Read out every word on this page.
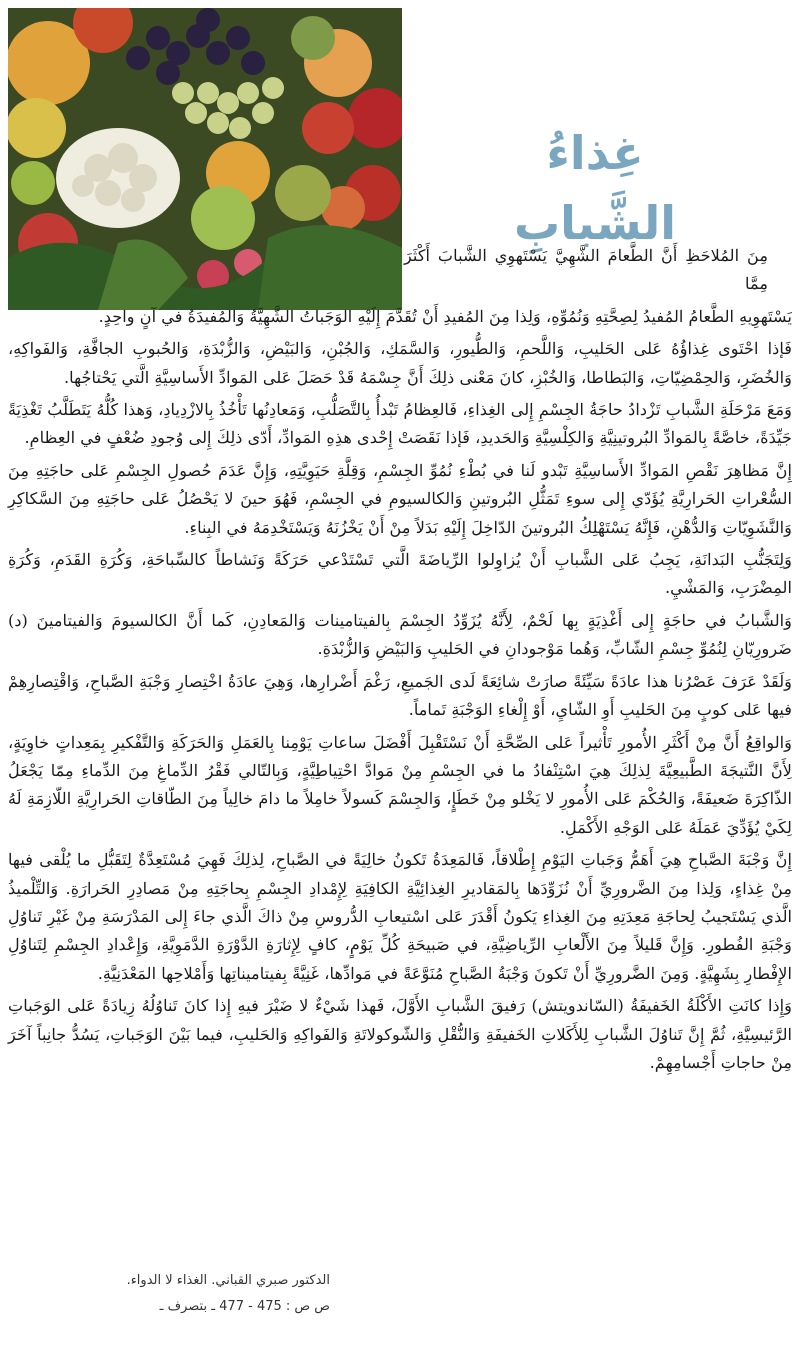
غِذاءُ الشَّبابِ

مِنَ المُلاحَظِ أَنَّ الطَّعامَ الشَّهِيَّ يَسْتَهوِي الشَّبابَ أَكْثَرَ مِمَّا

يَسْتَهوِيهِ الطَّعامُ المُفيدُ لِصِحَّتِهِ وَنُمُوِّهِ، وَلِذا مِنَ المُفيدِ أَنْ تُقَدَّمَ إِلَيْهِ الوَجَباتُ الشَّهِيَّةُ وَالمُفيدَةُ في آنٍ واحِدٍ.

فَإذا احْتَوى غِذاؤُهُ عَلى الحَليبِ، وَاللَّحمِ، وَالطُّيورِ، وَالسَّمَكِ، وَالجُبْنِ، وَالبَيْضِ، وَالزُّبْدَةِ، وَالحُبوبِ الجافَّةِ، وَالفَواكِهِ، وَالخُضَرِ، وَالحِمْضِيّاتِ، وَالبَطاطا، وَالخُبْزِ، كانَ مَعْنى ذلِكَ أَنَّ جِسْمَهُ قَدْ حَصَلَ عَلى المَوادِّ الأَساسِيَّةِ الَّتي يَحْتاجُها.

وَمَعَ مَرْحَلَةِ الشَّبابِ تَزْدادُ حاجَةُ الجِسْمِ إِلى الغِذاءِ، فَالعِظامُ تَبْدأُ بِالتَّصَلُّبِ، وَمَعادِنُها تَأْخُذُ بِالازْدِيادِ، وَهذا كُلُّهُ يَتَطَلَّبُ تَغْذِيَةً جَيِّدَةً، خاصَّةً بِالمَوادِّ البُروتينِيَّةِ وَالكِلْسِيَّةِ وَالحَديدِ، فَإذا نَقَصَتْ إِحْدى هذِهِ المَوادِّ، أَدّى ذلِكَ إِلى وُجودِ ضُعْفٍ في العِظامِ.

إِنَّ مَظاهِرَ نَقْصِ المَوادِّ الأَساسِيَّةِ تَبْدو لَنا في بُطْءِ نُمُوِّ الجِسْمِ، وَقِلَّةِ حَيَوِيَّتِهِ، وَإِنَّ عَدَمَ حُصولِ الجِسْمِ عَلى حاجَتِهِ مِنَ السُّعْراتِ الحَرارِيَّةِ يُؤَدّي إِلى سوءِ تَمَثُّلِ البُروتينِ وَالكالسيومِ في الجِسْمِ، فَهُوَ حينَ لا يَحْصُلُ عَلى حاجَتِهِ مِنَ السَّكاكِرِ وَالنَّشَوِيّاتِ وَالدُّهْنِ، فَإِنَّهُ يَسْتَهْلِكُ البُروتينَ الدّاخِلَ إِلَيْهِ بَدَلاً مِنْ أَنْ يَخْزُنَهُ وَيَسْتَخْدِمَهُ في البِناءِ.

وَلِتَجَنُّبِ البَدانَةِ، يَجِبُ عَلى الشَّبابِ أَنْ يُزاوِلوا الرِّياضَةَ الَّتي تَسْتَدْعي حَرَكَةً وَنَشاطاً كالسِّباحَةِ، وَكُرَةِ القَدَمِ، وَكُرَةِ المِضْرَبِ، وَالمَشْيِ.

وَالشَّبابُ في حاجَةٍ إِلى أَغْذِيَةٍ بِها لَحْمٌ، لِأَنَّهُ يُزَوِّدُ الجِسْمَ بِالفيتامينات وَالمَعادِنِ، كَما أَنَّ الكالسيومَ وَالفيتامينَ (د) ضَرورِيّانِ لِنُمُوِّ جِسْمِ الشّابِّ، وَهُما مَوْجودانِ في الحَليبِ وَالبَيْضِ وَالزُّبْدَةِ.

وَلَقَدْ عَرَفَ عَصْرُنا هذا عادَةً سَيِّئَةً صارَتْ شائِعَةً لَدى الجَميعِ، رَغْمَ أَضْرارِها، وَهِيَ عادَةُ اخْتِصارِ وَجْبَةِ الصَّباحِ، وَاقْتِصارِهِمْ فيها عَلى كوبٍ مِنَ الحَليبِ أَوِ الشّايِ، أَوْ إِلْغاءِ الوَجْبَةِ تَماماً.

وَالواقِعُ أَنَّ مِنْ أَكْثَرِ الأُمورِ تَأْثيراً عَلى الصِّحَّةِ أَنْ نَسْتَقْبِلَ أَفْضَلَ ساعاتِ يَوْمِنا بِالعَمَلِ وَالحَرَكَةِ وَالتَّفْكيرِ بِمَعِداتٍ خاوِيَةٍ، لِأَنَّ النَّتيجَةَ الطَّبيعِيَّةَ لِذلِكَ هِيَ اسْتِنْفادُ ما في الجِسْمِ مِنْ مَوادَّ احْتِياطِيَّةٍ، وَبِالتّالي فَقْرُ الدِّماغِ مِنَ الدِّماءِ مِمّا يَجْعَلُ الذّاكِرَةَ ضَعيفَةً، وَالحُكْمَ عَلى الأُمورِ لا يَخْلو مِنْ خَطَإٍ، وَالجِسْمَ كَسولاً خامِلاً ما دامَ خالِياً مِنَ الطّاقاتِ الحَرارِيَّةِ اللّازِمَةِ لَهُ لِكَيْ يُؤَدِّيَ عَمَلَهُ عَلى الوَجْهِ الأَكْمَلِ.

إِنَّ وَجْبَةَ الصَّباحِ هِيَ أَهَمُّ وَجَباتِ اليَوْمِ إِطْلاقاً، فَالمَعِدَةُ تَكونُ خالِيَةً في الصَّباحِ، لِذلِكَ فَهِيَ مُسْتَعِدَّةٌ لِتَقَبُّلِ ما يُلْقى فيها مِنْ غِذاءٍ، وَلِذا مِنَ الضَّرورِيِّ أَنْ نُزَوِّدَها بِالمَقاديرِ الغِذائِيَّةِ الكافِيَةِ لِإِمْدادِ الجِسْمِ بِحاجَتِهِ مِنْ مَصادِرِ الحَرارَةِ. وَالتِّلْميذُ الَّذي يَسْتَجيبُ لِحاجَةِ مَعِدَتِهِ مِنَ الغِذاءِ يَكونُ أَقْدَرَ عَلى اسْتيعابِ الدُّروسِ مِنْ ذاكَ الَّذي جاءَ إِلى المَدْرَسَةِ مِنْ غَيْرِ تَناوُلِ وَجْبَةِ الفُطورِ. وَإِنَّ قَليلاً مِنَ الأَلْعابِ الرِّياضِيَّةِ، في صَبيحَةِ كُلِّ يَوْمٍ، كافٍ لِإِثارَةِ الدَّوْرَةِ الدَّمَوِيَّةِ، وَإِعْدادِ الجِسْمِ لِتَناوُلِ الإِفْطارِ بِشَهِيَّةٍ. وَمِنَ الضَّرورِيِّ أَنْ تَكونَ وَجْبَةُ الصَّباحِ مُنَوَّعَةً في مَوادِّها، غَنِيَّةً بِفيتاميناتِها وَأَمْلاحِها المَعْدَنِيَّةِ.

وَإِذا كانَتِ الأَكْلَةُ الخَفيفَةُ (السّاندويتش) رَفيقَ الشَّبابِ الأَوَّلَ، فَهذا شَيْءٌ لا ضَيْرَ فيهِ إِذا كانَ تَناوُلُهُ زِيادَةً عَلى الوَجَباتِ الرَّئيسِيَّةِ، ثُمَّ إِنَّ تَناوُلَ الشَّبابِ لِلأَكَلاتِ الخَفيفَةِ وَالنُّقْلِ وَالشّوكولاتَةِ وَالفَواكِهِ وَالحَليبِ، فيما بَيْنَ الوَجَباتِ، يَسُدُّ جانِباً آخَرَ مِنْ حاجاتِ أَجْسامِهِمْ.

الدكتور صبري القباني. الغذاء لا الدواء.
ص ص : 475 - 477 ـ بتصرف ـ
